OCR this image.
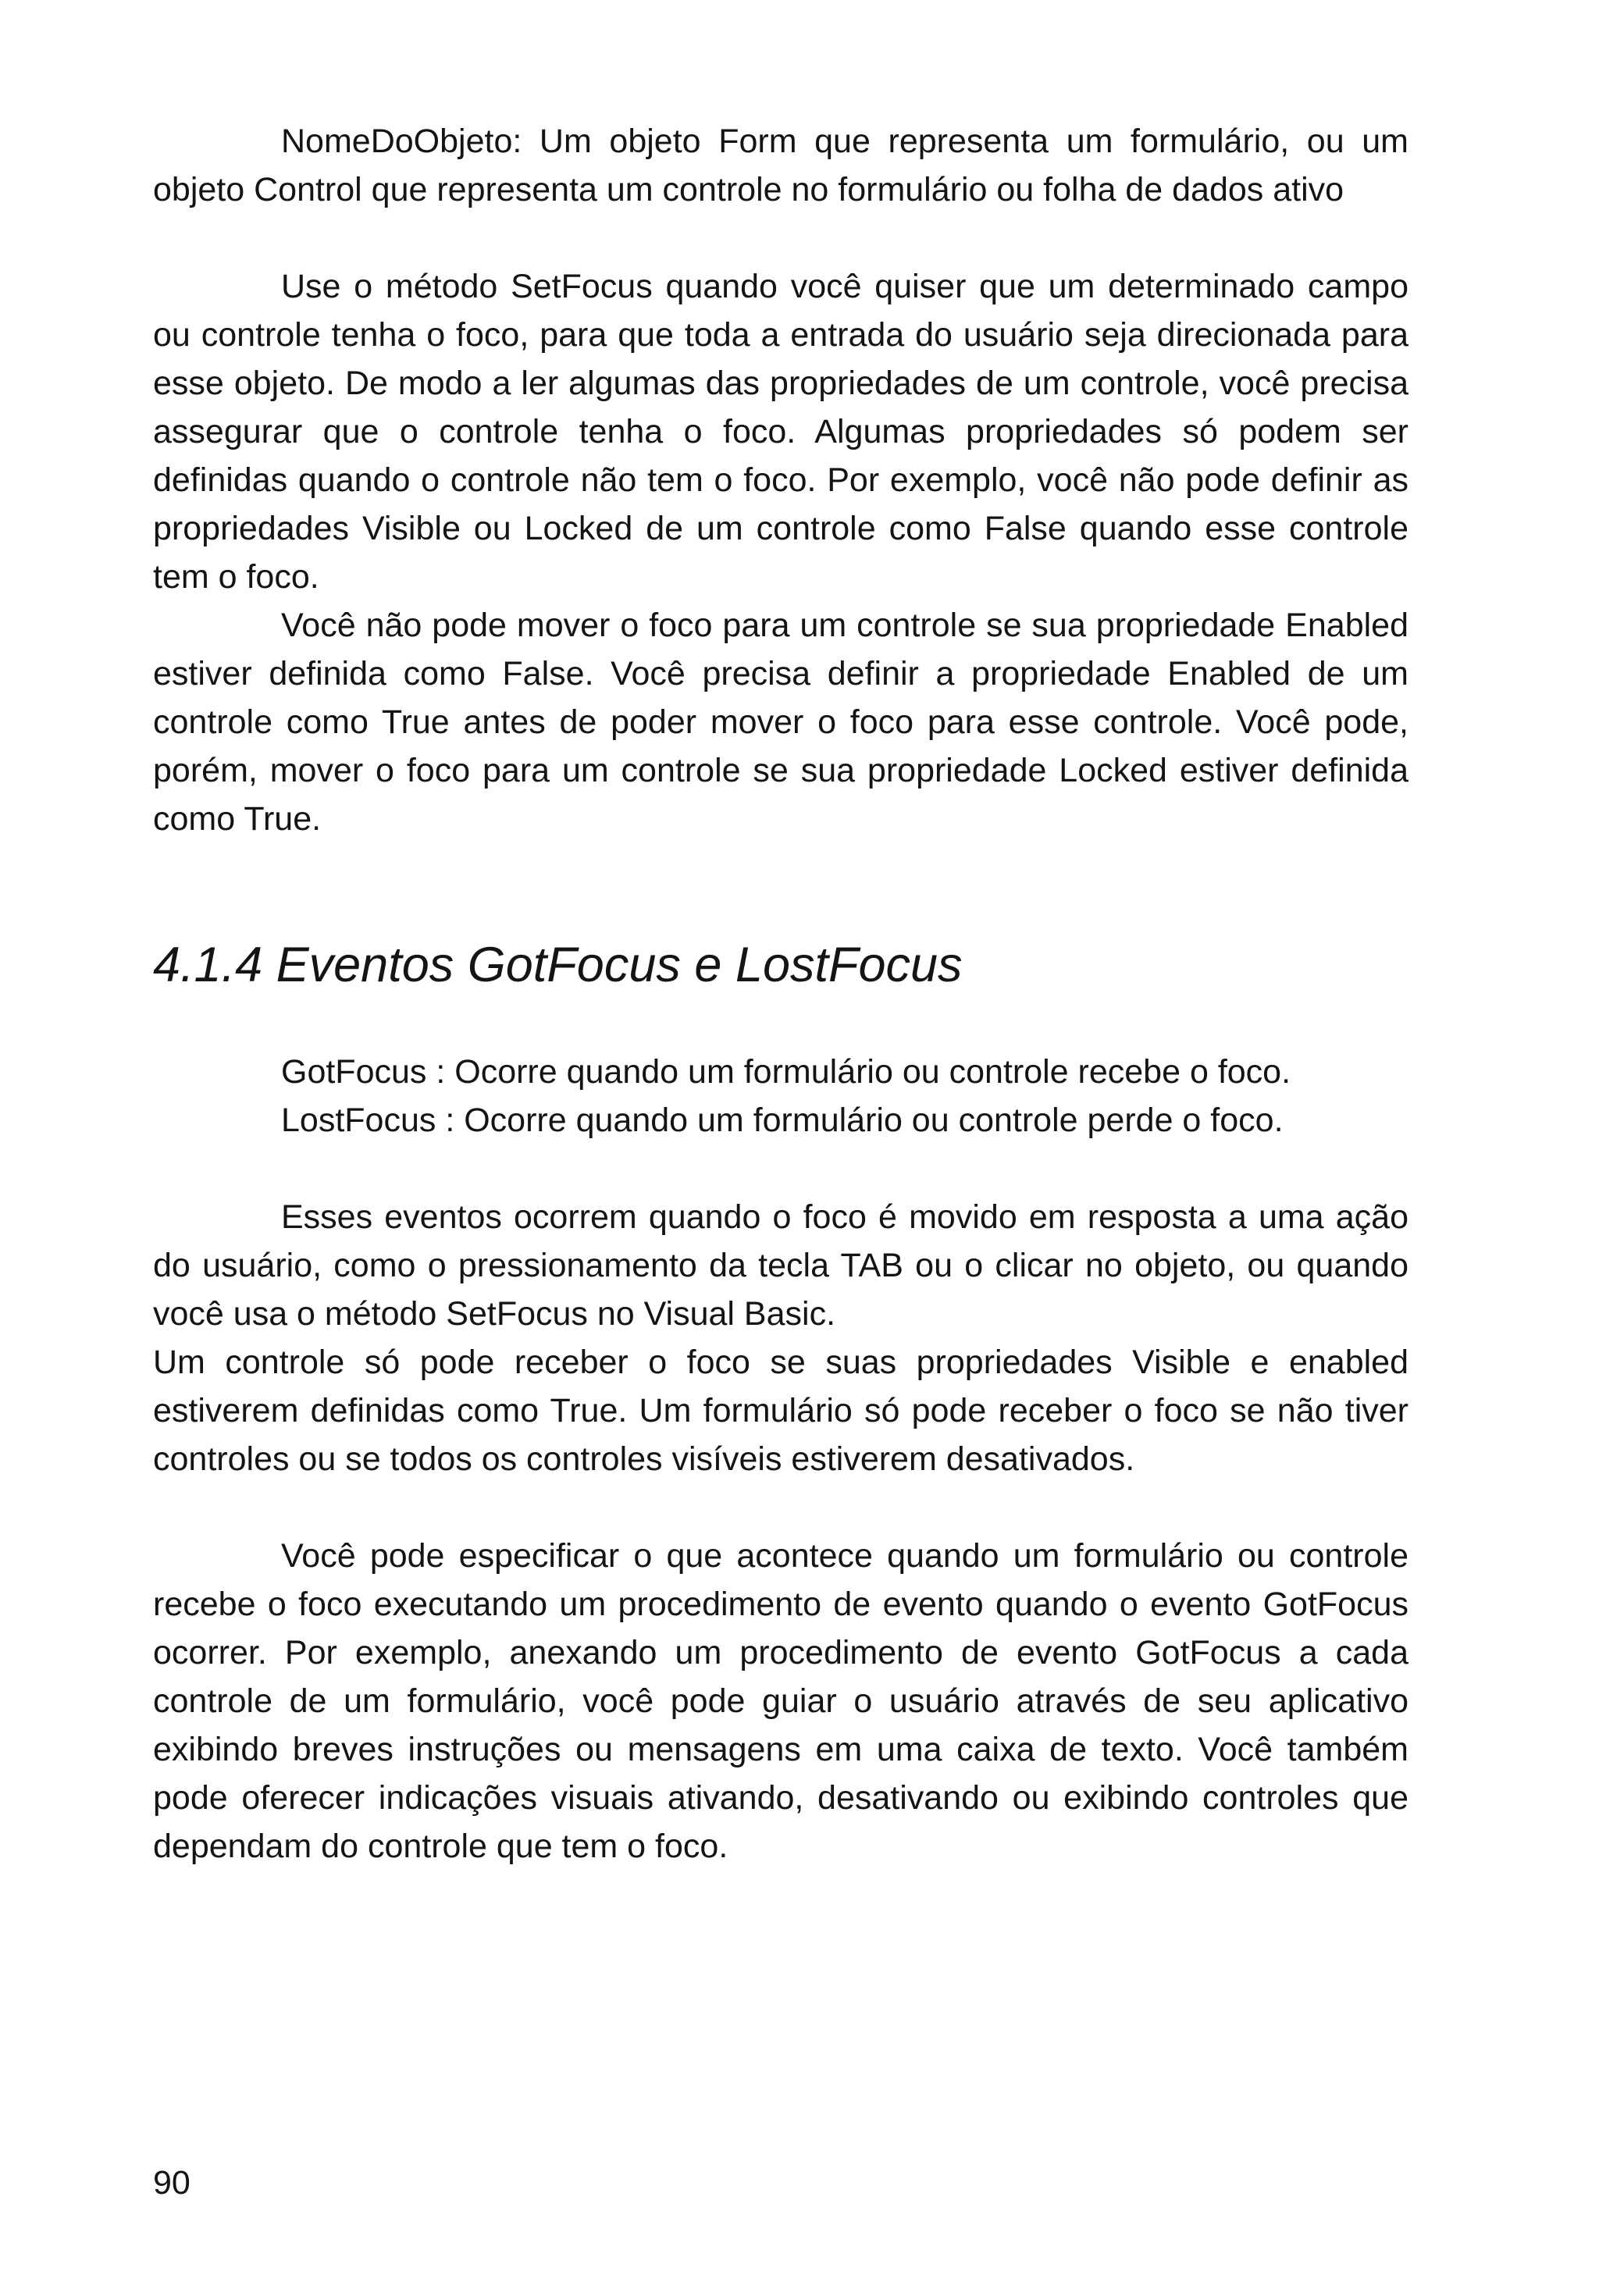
NomeDoObjeto: Um objeto Form que representa um formulário, ou um objeto Control que representa um controle no formulário ou folha de dados ativo

Use o método SetFocus quando você quiser que um determinado campo ou controle tenha o foco, para que toda a entrada do usuário seja direcionada para esse objeto. De modo a ler algumas das propriedades de um controle, você precisa assegurar que o controle tenha o foco. Algumas propriedades só podem ser definidas quando o controle não tem o foco. Por exemplo, você não pode definir as propriedades Visible ou Locked de um controle como False quando esse controle tem o foco.

Você não pode mover o foco para um controle se sua propriedade Enabled estiver definida como False. Você precisa definir a propriedade Enabled de um controle como True antes de poder mover o foco para esse controle. Você pode, porém, mover o foco para um controle se sua propriedade Locked estiver definida como True.

4.1.4 Eventos GotFocus e LostFocus

GotFocus : Ocorre quando um formulário ou controle recebe o foco.

LostFocus : Ocorre quando um formulário ou controle perde o foco.

Esses eventos ocorrem quando o foco é movido em resposta a uma ação do usuário, como o pressionamento da tecla TAB ou o clicar no objeto, ou quando você usa o método SetFocus no Visual Basic.

Um controle só pode receber o foco se suas propriedades Visible e enabled estiverem definidas como True. Um formulário só pode receber o foco se não tiver controles ou se todos os controles visíveis estiverem desativados.

Você pode especificar o que acontece quando um formulário ou controle recebe o foco executando um procedimento de evento quando o evento GotFocus ocorrer. Por exemplo, anexando um procedimento de evento GotFocus a cada controle de um formulário, você pode guiar o usuário através de seu aplicativo exibindo breves instruções ou mensagens em uma caixa de texto. Você também pode oferecer indicações visuais ativando, desativando ou exibindo controles que dependam do controle que tem o foco.

90
